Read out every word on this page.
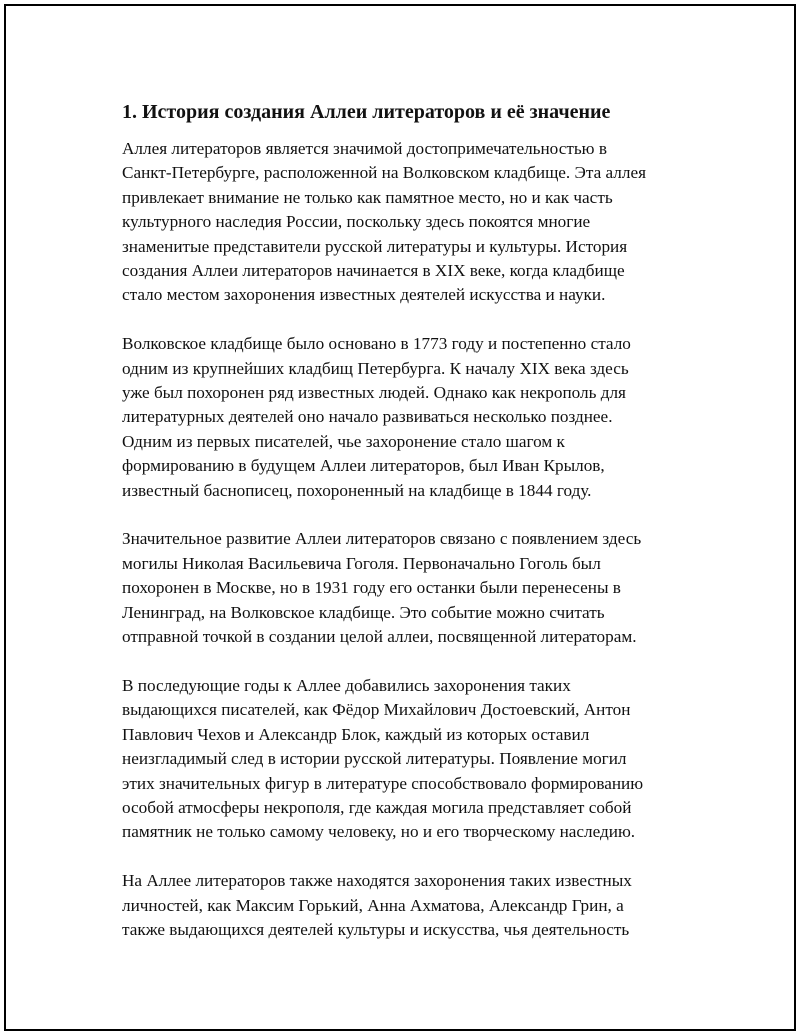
1. История создания Аллеи литераторов и её значение

Аллея литераторов является значимой достопримечательностью в
Санкт-Петербурге, расположенной на Волковском кладбище. Эта аллея
привлекает внимание не только как памятное место, но и как часть
культурного наследия России, поскольку здесь покоятся многие
знаменитые представители русской литературы и культуры. История
создания Аллеи литераторов начинается в XIX веке, когда кладбище
стало местом захоронения известных деятелей искусства и науки.

Волковское кладбище было основано в 1773 году и постепенно стало
одним из крупнейших кладбищ Петербурга. К началу XIX века здесь
уже был похоронен ряд известных людей. Однако как некрополь для
литературных деятелей оно начало развиваться несколько позднее.
Одним из первых писателей, чье захоронение стало шагом к
формированию в будущем Аллеи литераторов, был Иван Крылов,
известный баснописец, похороненный на кладбище в 1844 году.

Значительное развитие Аллеи литераторов связано с появлением здесь
могилы Николая Васильевича Гоголя. Первоначально Гоголь был
похоронен в Москве, но в 1931 году его останки были перенесены в
Ленинград, на Волковское кладбище. Это событие можно считать
отправной точкой в создании целой аллеи, посвященной литераторам.

В последующие годы к Аллее добавились захоронения таких
выдающихся писателей, как Фёдор Михайлович Достоевский, Антон
Павлович Чехов и Александр Блок, каждый из которых оставил
неизгладимый след в истории русской литературы. Появление могил
этих значительных фигур в литературе способствовало формированию
особой атмосферы некрополя, где каждая могила представляет собой
памятник не только самому человеку, но и его творческому наследию.

На Аллее литераторов также находятся захоронения таких известных
личностей, как Максим Горький, Анна Ахматова, Александр Грин, а
также выдающихся деятелей культуры и искусства, чья деятельность
